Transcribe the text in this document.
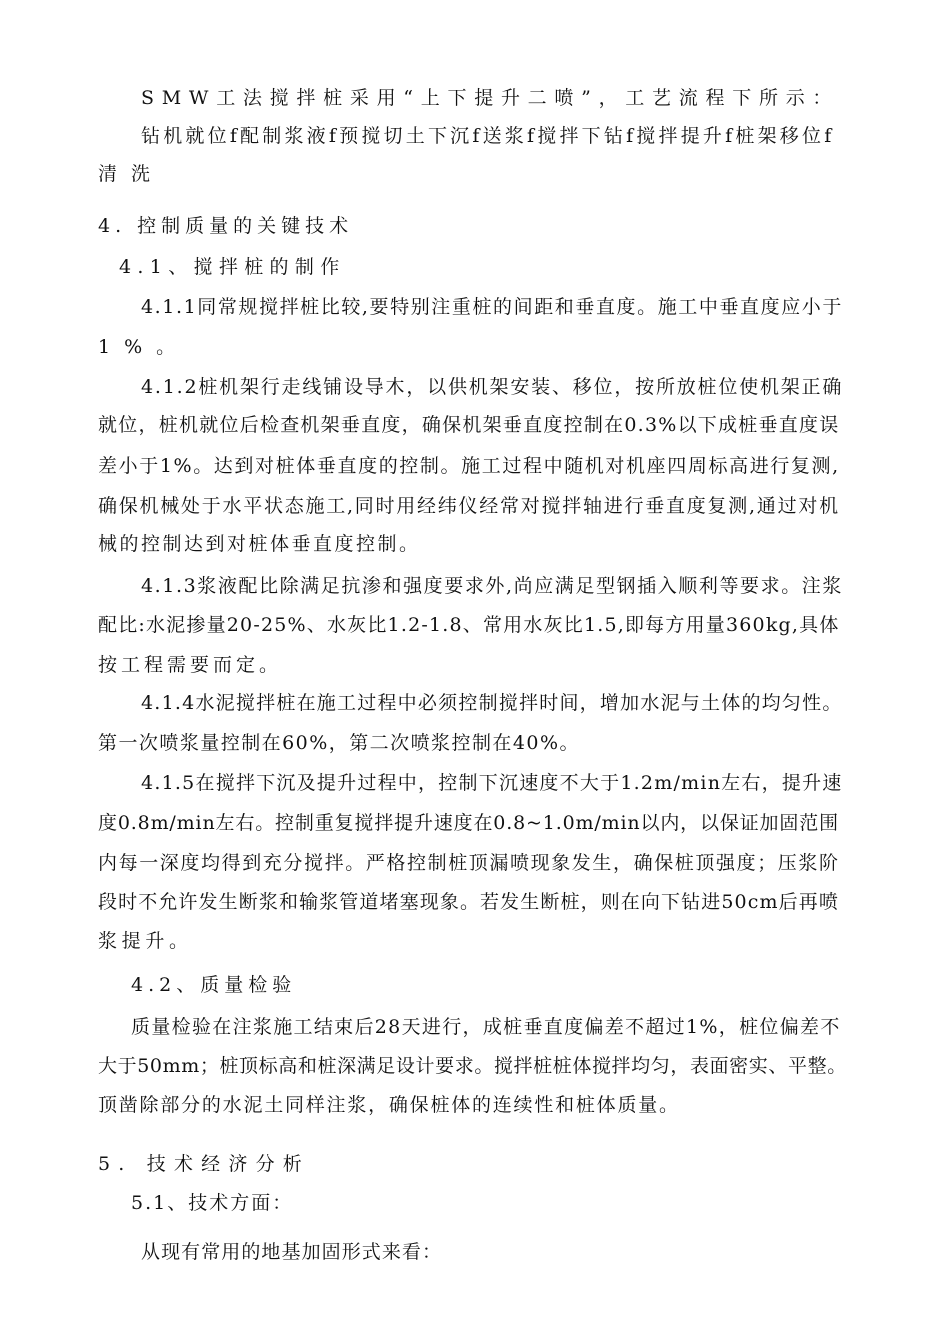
SMW工法搅拌桩采用“上下提升二喷”，工艺流程下所示：
钻机就位f配制浆液f预搅切土下沉f送浆f搅拌下钻f搅拌提升f桩架移位f
清洗
4. 控制质量的关键技术
4.1、搅拌桩的制作
4.1.1同常规搅拌桩比较,要特别注重桩的间距和垂直度。施工中垂直度应小于
1%。
4.1.2桩机架行走线铺设导木，以供机架安装、移位，按所放桩位使机架正确
就位，桩机就位后检查机架垂直度，确保机架垂直度控制在0.3%以下成桩垂直度误
差小于1%。达到对桩体垂直度的控制。施工过程中随机对机座四周标高进行复测,
确保机械处于水平状态施工,同时用经纬仪经常对搅拌轴进行垂直度复测,通过对机
械的控制达到对桩体垂直度控制。
4.1.3浆液配比除满足抗渗和强度要求外,尚应满足型钢插入顺利等要求。注浆
配比:水泥掺量20-25%、水灰比1.2-1.8、常用水灰比1.5,即每方用量360kg,具体
按工程需要而定。
4.1.4水泥搅拌桩在施工过程中必须控制搅拌时间，增加水泥与土体的均匀性。
第一次喷浆量控制在60%，第二次喷浆控制在40%。
4.1.5在搅拌下沉及提升过程中，控制下沉速度不大于1.2m/min左右，提升速
度0.8m/min左右。控制重复搅拌提升速度在0.8~1.0m/min以内，以保证加固范围
内每一深度均得到充分搅拌。严格控制桩顶漏喷现象发生，确保桩顶强度；压浆阶
段时不允许发生断浆和输浆管道堵塞现象。若发生断桩，则在向下钻进50cm后再喷
浆提升。
4.2、质量检验
质量检验在注浆施工结束后28天进行，成桩垂直度偏差不超过1%，桩位偏差不
大于50mm；桩顶标高和桩深满足设计要求。搅拌桩桩体搅拌均匀，表面密实、平整。
顶凿除部分的水泥土同样注浆，确保桩体的连续性和桩体质量。
5. 技术经济分析
5.1、技术方面：
从现有常用的地基加固形式来看：
